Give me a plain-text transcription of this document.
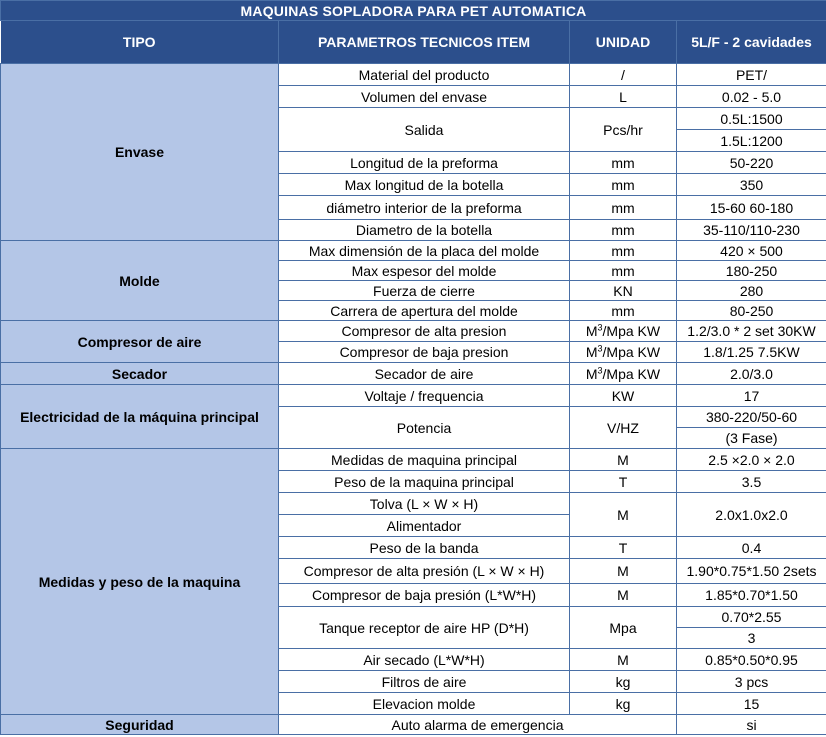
MAQUINAS SOPLADORA PARA PET AUTOMATICA			
TIPO	PARAMETROS TECNICOS ITEM	UNIDAD	5L/F - 2 cavidades
Envase	Material del producto	/	PET/
	Volumen del envase	L	0.02 - 5.0
	Salida	Pcs/hr	0.5L:1500
			1.5L:1200
	Longitud de la preforma	mm	50-220
	Max longitud de la botella	mm	350
	diámetro interior de la preforma	mm	15-60 60-180
	Diametro de la botella	mm	35-110/110-230

Molde	Max dimensión de la placa del molde	mm	420 × 500
	Max espesor del molde	mm	180-250
	Fuerza de cierre	KN	280
	Carrera de apertura del molde	mm	80-250
Compresor de aire	Compresor de alta presion	$M^3$/Mpa KW	1.2/3.0 * 2 set 30KW
	Compresor de baja presion	$M^3$/Mpa KW	1.8/1.25 7.5KW
Secador	Secador de aire	$M^3$/Mpa KW	2.0/3.0
Electricidad de la máquina principal	Voltaje / frequencia	KW	17
	Potencia	V/HZ	380-220/50-60
			(3 Fase)
Medidas y peso de la maquina	Medidas de maquina principal	M	2.5 ×2.0 × 2.0
	Peso de la maquina principal	T	3.5
	Tolva (L × W × H)	M	2.0x1.0x2.0
	Alimentador		
	Peso de la banda	T	0.4
	Compresor de alta presión (L × W × H)	M	1.90*0.75*1.50 2sets
	Compresor de baja presión (L*W*H)	M	1.85*0.70*1.50
	Tanque receptor de aire HP (D*H)	Mpa	0.70*2.55
			3
	Air secado (L*W*H)	M	0.85*0.50*0.95
	Filtros de aire	kg	3 pcs
	Elevacion molde	kg	15

Seguridad	Auto alarma de emergencia		si
